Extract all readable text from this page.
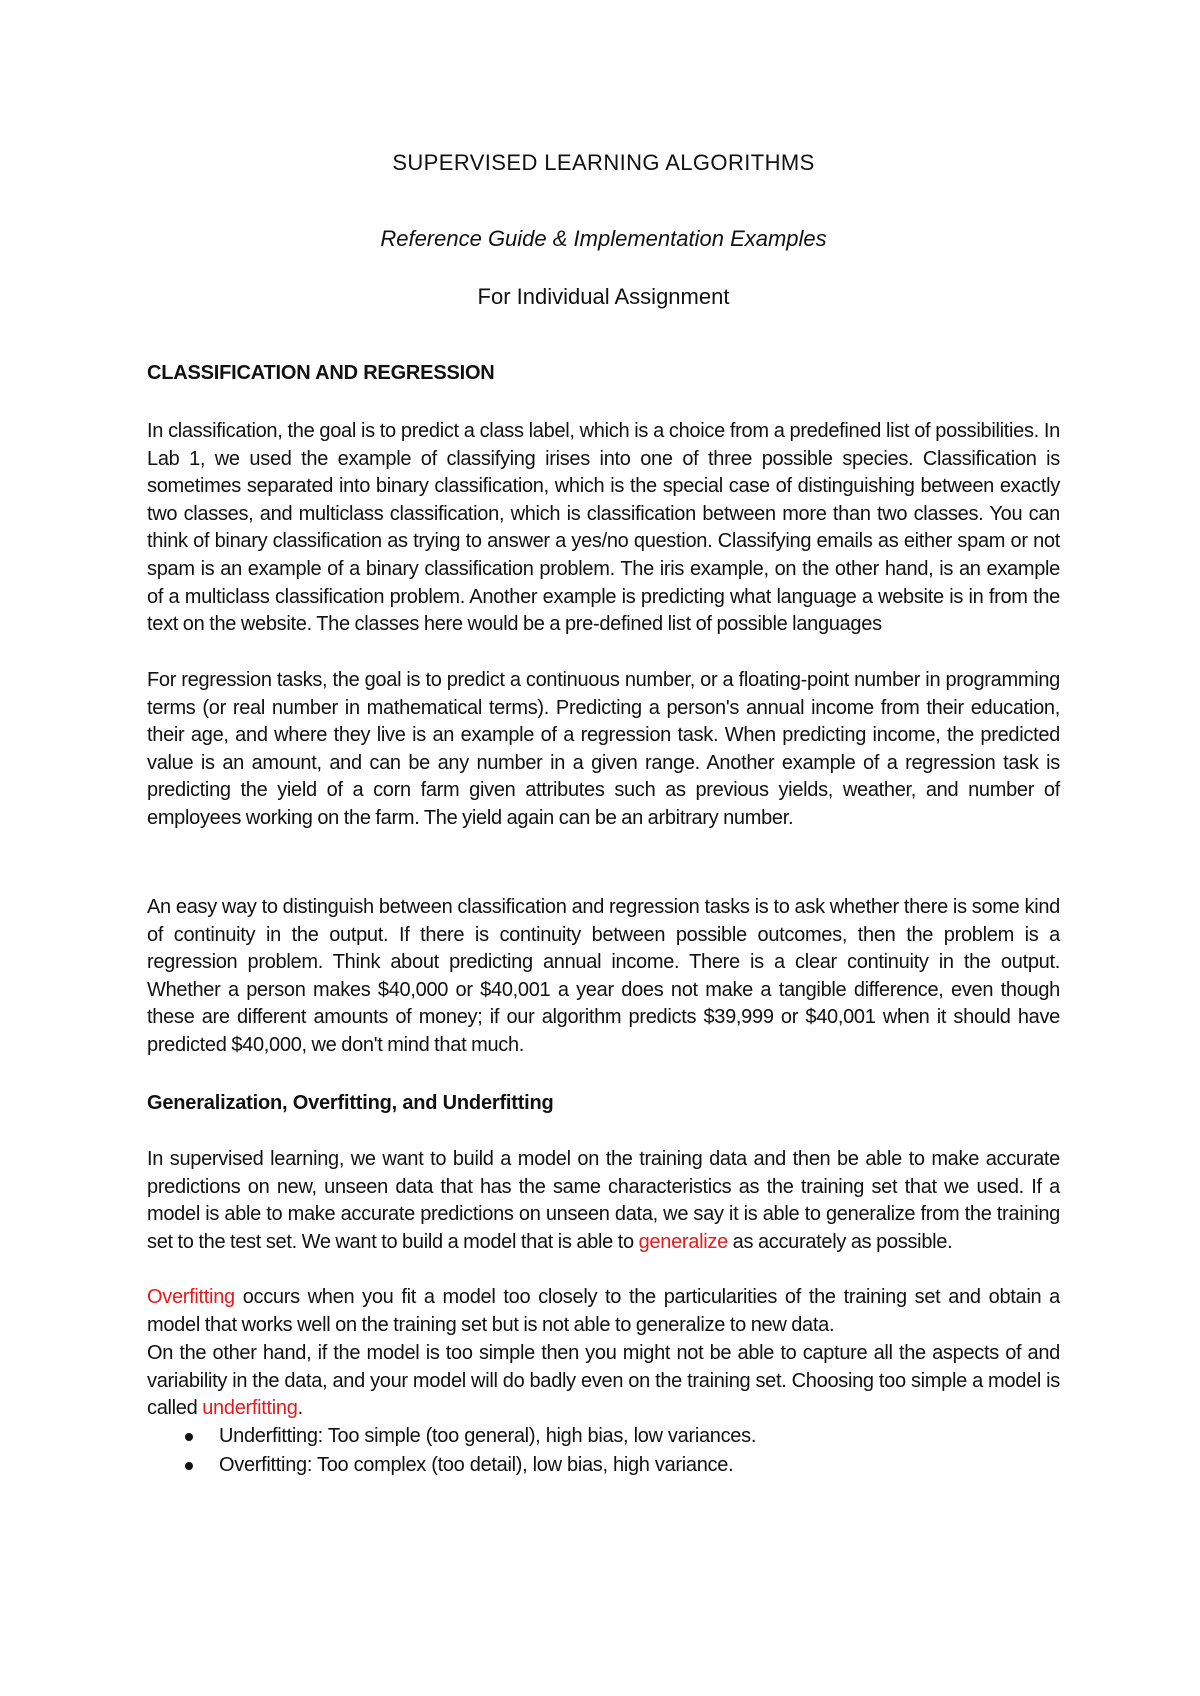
SUPERVISED LEARNING ALGORITHMS

Reference Guide & Implementation Examples

For Individual Assignment

CLASSIFICATION AND REGRESSION

In classification, the goal is to predict a class label, which is a choice from a predefined list of possibilities. In Lab 1, we used the example of classifying irises into one of three possible species. Classification is sometimes separated into binary classification, which is the special case of distinguishing between exactly two classes, and multiclass classification, which is classification between more than two classes. You can think of binary classification as trying to answer a yes/no question. Classifying emails as either spam or not spam is an example of a binary classification problem. The iris example, on the other hand, is an example of a multiclass classification problem. Another example is predicting what language a website is in from the text on the website. The classes here would be a pre-defined list of possible languages

For regression tasks, the goal is to predict a continuous number, or a floating-point number in programming terms (or real number in mathematical terms). Predicting a person's annual income from their education, their age, and where they live is an example of a regression task. When predicting income, the predicted value is an amount, and can be any number in a given range. Another example of a regression task is predicting the yield of a corn farm given attributes such as previous yields, weather, and number of employees working on the farm. The yield again can be an arbitrary number.

An easy way to distinguish between classification and regression tasks is to ask whether there is some kind of continuity in the output. If there is continuity between possible outcomes, then the problem is a regression problem. Think about predicting annual income. There is a clear continuity in the output. Whether a person makes $40,000 or $40,001 a year does not make a tangible difference, even though these are different amounts of money; if our algorithm predicts $39,999 or $40,001 when it should have predicted $40,000, we don't mind that much.

Generalization, Overfitting, and Underfitting

In supervised learning, we want to build a model on the training data and then be able to make accurate predictions on new, unseen data that has the same characteristics as the training set that we used. If a model is able to make accurate predictions on unseen data, we say it is able to generalize from the training set to the test set. We want to build a model that is able to generalize as accurately as possible.

Overfitting occurs when you fit a model too closely to the particularities of the training set and obtain a model that works well on the training set but is not able to generalize to new data.

On the other hand, if the model is too simple then you might not be able to capture all the aspects of and variability in the data, and your model will do badly even on the training set. Choosing too simple a model is called underfitting.

Underfitting: Too simple (too general), high bias, low variances.
Overfitting: Too complex (too detail), low bias, high variance.
